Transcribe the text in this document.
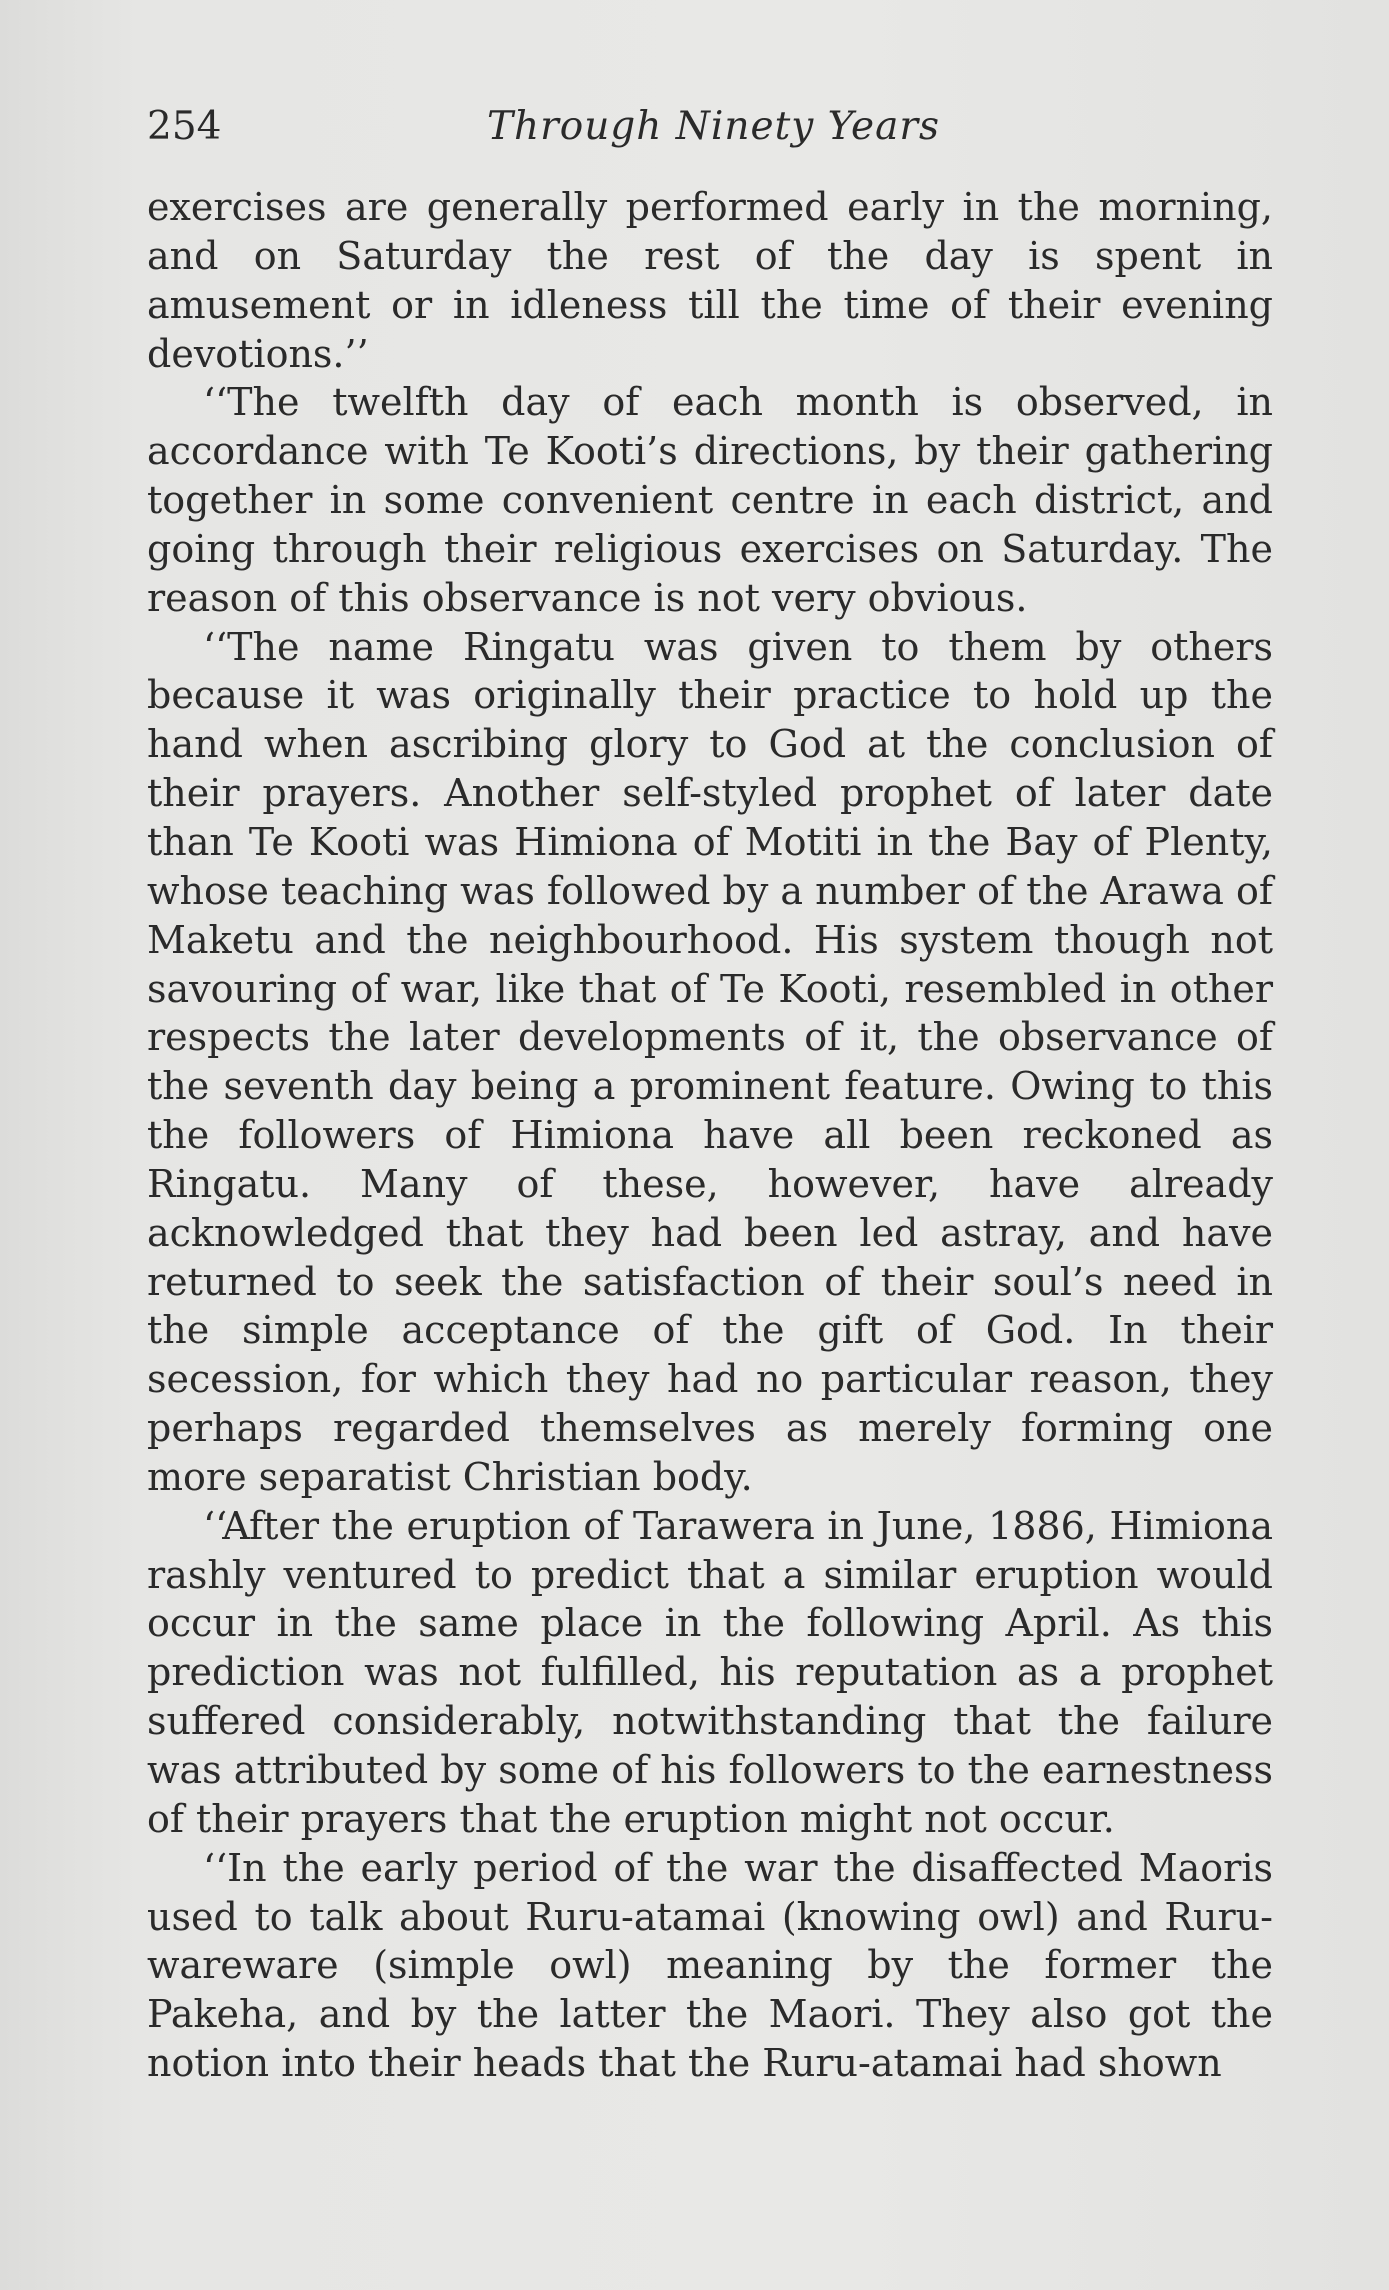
254	Through Ninety Years

exercises are generally performed early in the morning, and on Saturday the rest of the day is spent in amusement or in idleness till the time of their evening devotions.’’

‘‘The twelfth day of each month is observed, in accordance with Te Kooti’s directions, by their gathering together in some convenient centre in each district, and going through their religious exercises on Saturday. The reason of this observance is not very obvious.

‘‘The name Ringatu was given to them by others because it was originally their practice to hold up the hand when ascribing glory to God at the conclusion of their prayers. Another self-styled prophet of later date than Te Kooti was Himiona of Motiti in the Bay of Plenty, whose teaching was followed by a number of the Arawa of Maketu and the neighbourhood. His system though not savouring of war, like that of Te Kooti, resembled in other respects the later developments of it, the observance of the seventh day being a prominent feature. Owing to this the followers of Himiona have all been reckoned as Ringatu. Many of these, however, have already acknowledged that they had been led astray, and have returned to seek the satisfaction of their soul’s need in the simple acceptance of the gift of God. In their secession, for which they had no particular reason, they perhaps regarded themselves as merely forming one more separatist Christian body.

‘‘After the eruption of Tarawera in June, 1886, Himiona rashly ventured to predict that a similar eruption would occur in the same place in the following April. As this prediction was not fulfilled, his reputation as a prophet suffered considerably, notwithstanding that the failure was attributed by some of his followers to the earnestness of their prayers that the eruption might not occur.

‘‘In the early period of the war the disaffected Maoris used to talk about Ruru-atamai (knowing owl) and Ruru-wareware (simple owl) meaning by the former the Pakeha, and by the latter the Maori. They also got the notion into their heads that the Ruru-atamai had shown
